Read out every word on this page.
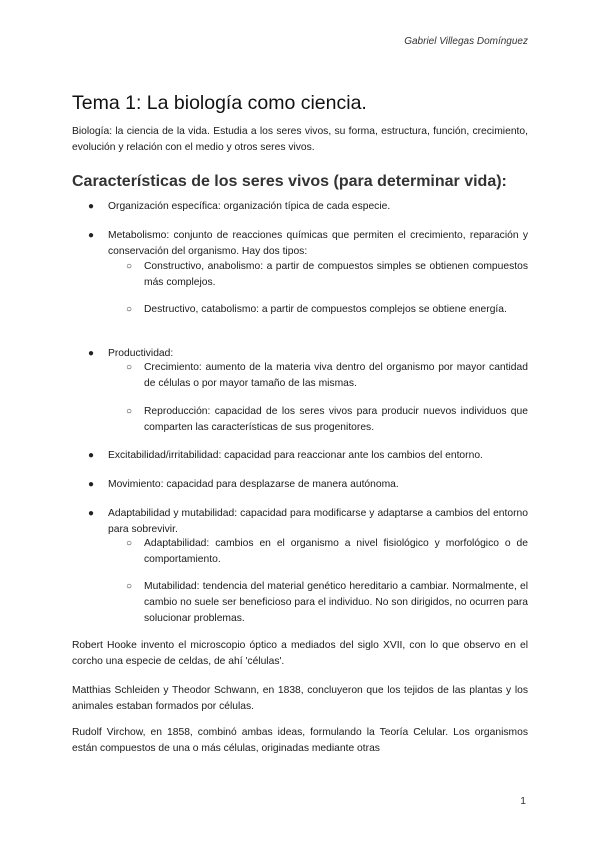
Gabriel Villegas Domínguez
Tema 1: La biología como ciencia.

Biología: la ciencia de la vida. Estudia a los seres vivos, su forma, estructura, función, crecimiento, evolución y relación con el medio y otros seres vivos.

Características de los seres vivos (para determinar vida):
● Organización específica: organización típica de cada especie.
● Metabolismo: conjunto de reacciones químicas que permiten el crecimiento, reparación y conservación del organismo. Hay dos tipos:
○ Constructivo, anabolismo: a partir de compuestos simples se obtienen compuestos más complejos.
○ Destructivo, catabolismo: a partir de compuestos complejos se obtiene energía.
● Productividad:
○ Crecimiento: aumento de la materia viva dentro del organismo por mayor cantidad de células o por mayor tamaño de las mismas.
○ Reproducción: capacidad de los seres vivos para producir nuevos individuos que comparten las características de sus progenitores.
● Excitabilidad/irritabilidad: capacidad para reaccionar ante los cambios del entorno.
● Movimiento: capacidad para desplazarse de manera autónoma.
● Adaptabilidad y mutabilidad: capacidad para modificarse y adaptarse a cambios del entorno para sobrevivir.
○ Adaptabilidad: cambios en el organismo a nivel fisiológico y morfológico o de comportamiento.
○ Mutabilidad: tendencia del material genético hereditario a cambiar. Normalmente, el cambio no suele ser beneficioso para el individuo. No son dirigidos, no ocurren para solucionar problemas.

Robert Hooke invento el microscopio óptico a mediados del siglo XVII, con lo que observo en el corcho una especie de celdas, de ahí 'células'.

Matthias Schleiden y Theodor Schwann, en 1838, concluyeron que los tejidos de las plantas y los animales estaban formados por células.

Rudolf Virchow, en 1858, combinó ambas ideas, formulando la Teoría Celular. Los organismos están compuestos de una o más células, originadas mediante otras

1
